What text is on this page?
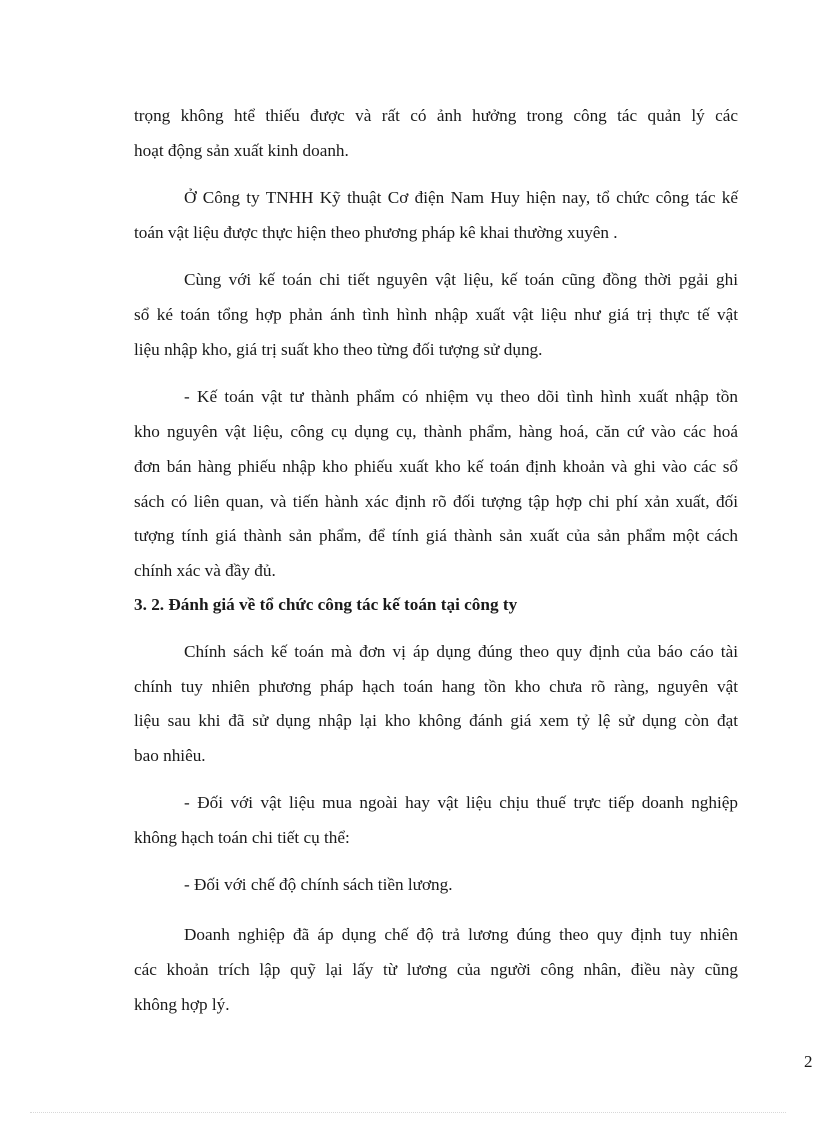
trọng không htể thiếu được và rất có ảnh hưởng trong công tác quản lý các
hoạt động sản xuất kinh doanh.
Ở Công ty TNHH Kỹ thuật Cơ điện Nam Huy hiện nay, tổ chức công tác kế
toán vật liệu được thực hiện theo phương pháp kê khai thường xuyên .
Cùng với kế toán chi tiết nguyên vật liệu, kế toán cũng đồng thời pgải ghi
sổ ké toán tổng hợp phản ánh tình hình nhập xuất vật liệu như giá trị thực tế vật
liệu nhập kho, giá trị suất kho theo từng đối tượng sử dụng.
- Kế toán vật tư thành phẩm có nhiệm vụ theo dõi tình hình xuất nhập tồn
kho nguyên vật liệu, công cụ dụng cụ, thành phẩm, hàng hoá, căn cứ vào các hoá
đơn bán hàng phiếu nhập kho phiếu xuất kho kế toán định khoản và ghi vào các sổ
sách có liên quan, và tiến hành xác định rõ đối tượng tập hợp chi phí xản xuất, đối
tượng tính giá thành sản phẩm, để tính giá thành sản xuất của sản phẩm một cách
chính xác và đầy đủ.
3. 2. Đánh giá về tổ chức công tác kế toán tại công ty
Chính sách kế toán mà đơn vị áp dụng đúng theo quy định của báo cáo tài
chính tuy nhiên phương pháp hạch toán hang tồn kho chưa rõ ràng, nguyên vật
liệu sau khi đã sử dụng nhập lại kho không đánh giá xem tỷ lệ sử dụng còn đạt
bao nhiêu.
- Đối với vật liệu mua ngoài hay vật liệu chịu thuế trực tiếp doanh nghiệp
không hạch toán chi tiết cụ thể:
- Đối với chế độ chính sách tiền lương.
Doanh nghiệp đã áp dụng chế độ trả lương đúng theo quy định tuy nhiên
các khoản trích lập quỹ lại lấy từ lương của người công nhân, điều này cũng
không hợp lý.
2
